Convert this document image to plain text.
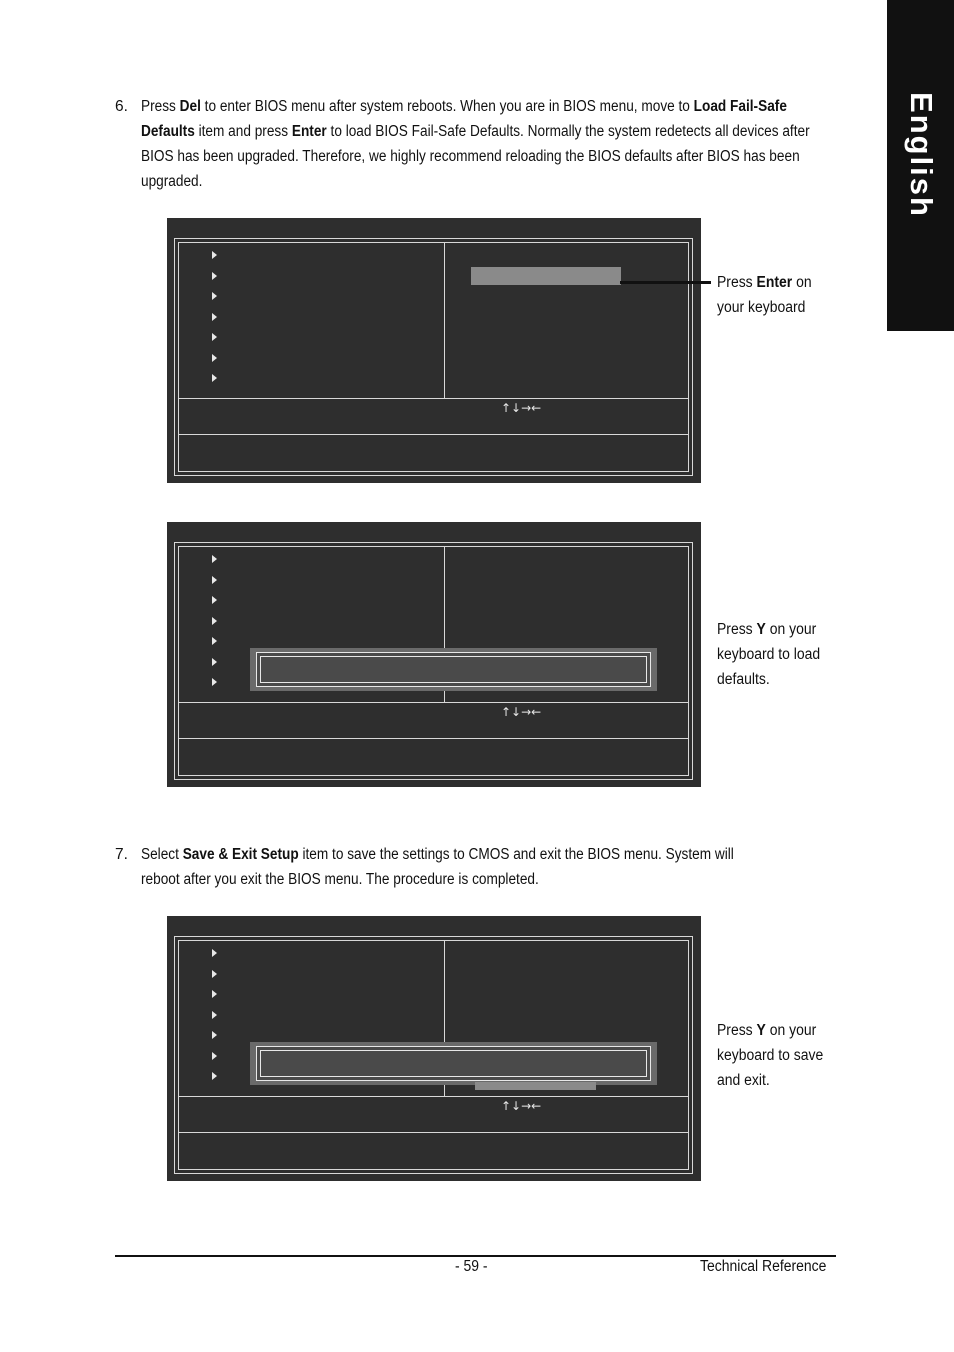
English
6. Press Del to enter BIOS menu after system reboots. When you are in BIOS menu, move to Load Fail-Safe Defaults item and press Enter to load BIOS Fail-Safe Defaults. Normally the system redetects all devices after BIOS has been upgraded. Therefore, we highly recommend reloading the BIOS defaults after BIOS has been upgraded.
↑↓→←
Press Enter on your keyboard
↑↓→←
Press Y on your keyboard to load defaults.
7. Select Save & Exit Setup item to save the settings to CMOS and exit the BIOS menu. System will reboot after you exit the BIOS menu. The procedure is completed.
↑↓→←
Press Y on your keyboard to save and exit.
- 59 -	Technical Reference
